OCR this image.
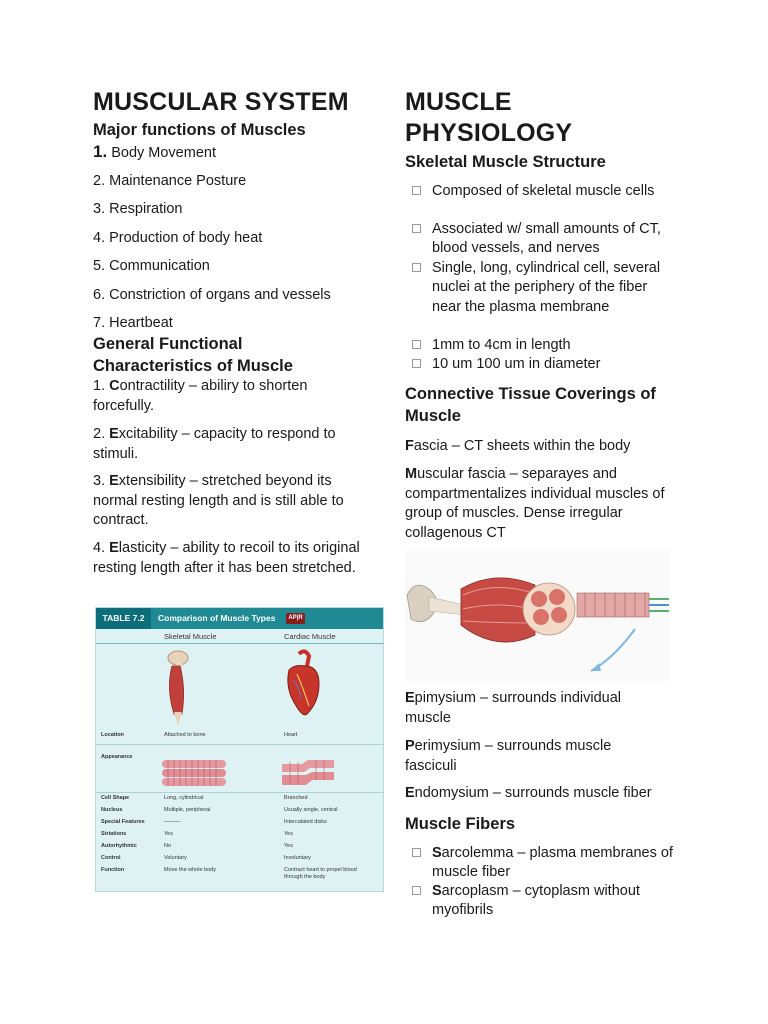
MUSCULAR SYSTEM
Major functions of Muscles
1. Body Movement
2. Maintenance Posture
3. Respiration
4. Production of body heat
5. Communication
6. Constriction of organs and vessels
7. Heartbeat
General Functional Characteristics of Muscle
1. Contractility – abiliry to shorten forcefully.
2. Excitability – capacity to respond to stimuli.
3. Extensibility – stretched beyond its normal resting length and is still able to contract.
4. Elasticity – ability to recoil to its original resting length after it has been stretched.
TABLE 7.2	Comparison of Muscle Types	AP|R
Skeletal Muscle	Cardiac Muscle
Location	Attached to bone	Heart
Appearance
Cell Shape	Long, cylindrical	Branched
Nucleus	Multiple, peripheral	Usually single, central
Special Features	———	Intercalated disks
Striations	Yes	Yes
Autorhythmic	No	Yes
Control	Voluntary	Involuntary
Function	Move the whole body	Contract heart to propel blood through the body
MUSCLE
PHYSIOLOGY
Skeletal Muscle Structure
Composed of skeletal muscle cells
Associated w/ small amounts of CT, blood vessels, and nerves
Single, long, cylindrical cell, several nuclei at the periphery of the fiber near the plasma membrane
1mm to 4cm in length
10 um 100 um in diameter
Connective Tissue Coverings of Muscle
Fascia – CT sheets within the body
Muscular fascia – separayes and compartmentalizes individual muscles of group of muscles. Dense irregular collagenous CT
Epimysium – surrounds individual muscle
Perimysium – surrounds muscle fasciculi
Endomysium – surrounds muscle fiber
Muscle Fibers
Sarcolemma – plasma membranes of muscle fiber
Sarcoplasm – cytoplasm without myofibrils
